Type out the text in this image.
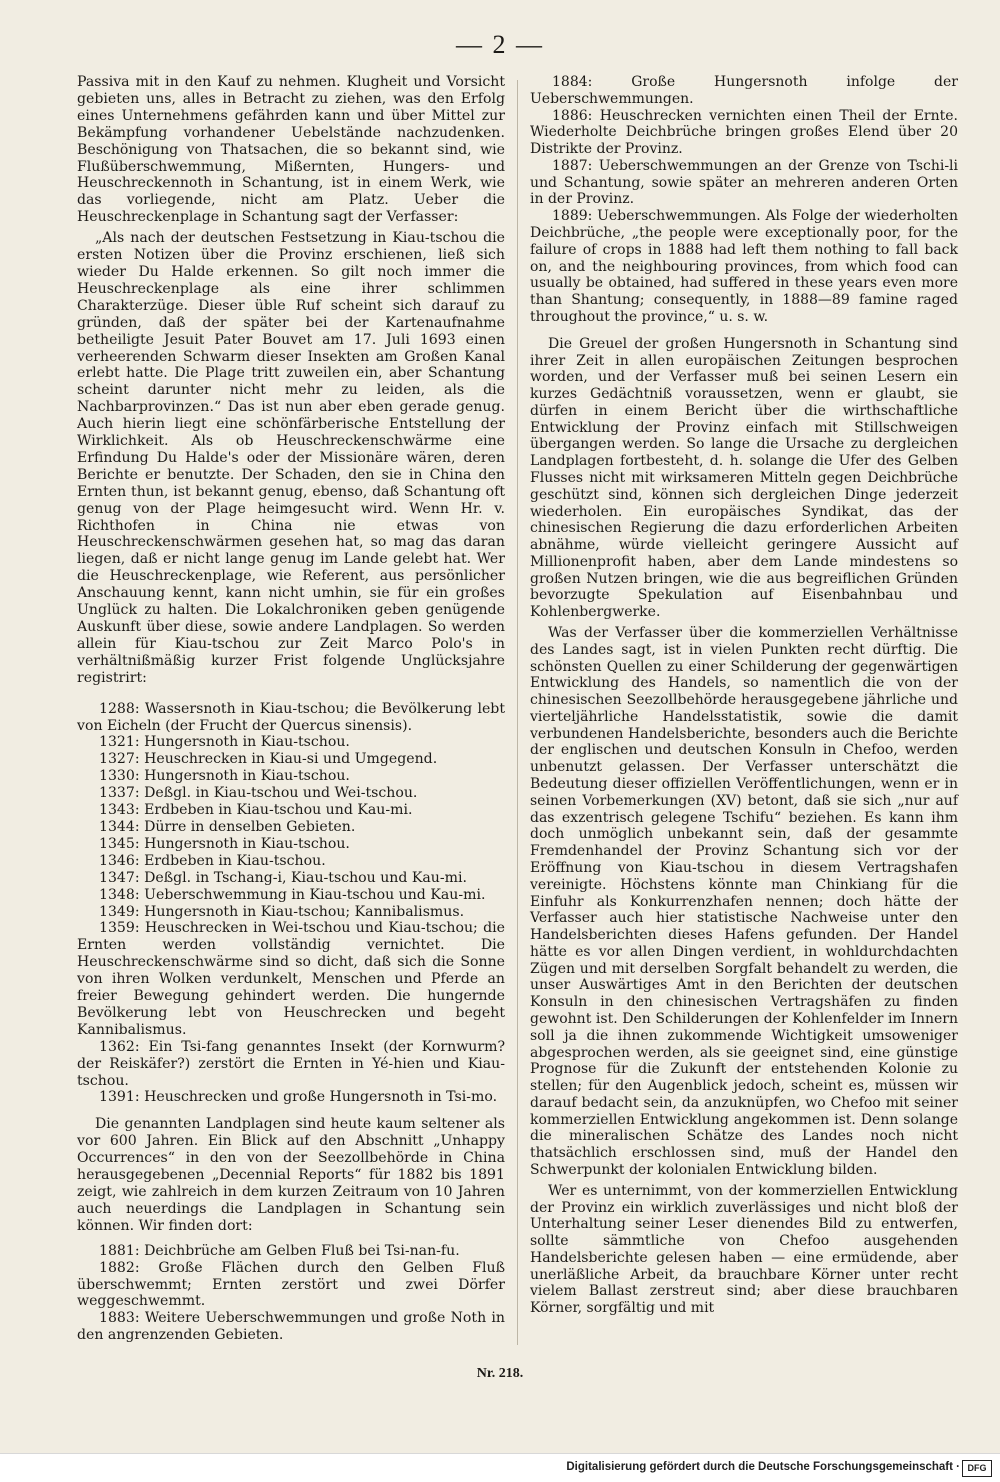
— 2 —

Passiva mit in den Kauf zu nehmen. Klugheit und Vorsicht gebieten uns, alles in Betracht zu ziehen, was den Erfolg eines Unternehmens gefährden kann und über Mittel zur Bekämpfung vorhandener Uebelstände nachzudenken. Beschönigung von Thatsachen, die so bekannt sind, wie Flußüberschwemmung, Mißernten, Hungers- und Heuschreckennoth in Schantung, ist in einem Werk, wie das vorliegende, nicht am Platz. Ueber die Heuschreckenplage in Schantung sagt der Verfasser:

„Als nach der deutschen Festsetzung in Kiau-tschou die ersten Notizen über die Provinz erschienen, ließ sich wieder Du Halde erkennen. So gilt noch immer die Heuschreckenplage als eine ihrer schlimmen Charakterzüge. Dieser üble Ruf scheint sich darauf zu gründen, daß der später bei der Kartenaufnahme betheiligte Jesuit Pater Bouvet am 17. Juli 1693 einen verheerenden Schwarm dieser Insekten am Großen Kanal erlebt hatte. Die Plage tritt zuweilen ein, aber Schantung scheint darunter nicht mehr zu leiden, als die Nachbarprovinzen.“ Das ist nun aber eben gerade genug. Auch hierin liegt eine schönfärberische Entstellung der Wirklichkeit. Als ob Heuschreckenschwärme eine Erfindung Du Halde's oder der Missionäre wären, deren Berichte er benutzte. Der Schaden, den sie in China den Ernten thun, ist bekannt genug, ebenso, daß Schantung oft genug von der Plage heimgesucht wird. Wenn Hr. v. Richthofen in China nie etwas von Heuschreckenschwärmen gesehen hat, so mag das daran liegen, daß er nicht lange genug im Lande gelebt hat. Wer die Heuschreckenplage, wie Referent, aus persönlicher Anschauung kennt, kann nicht umhin, sie für ein großes Unglück zu halten. Die Lokalchroniken geben genügende Auskunft über diese, sowie andere Landplagen. So werden allein für Kiau-tschou zur Zeit Marco Polo's in verhältnißmäßig kurzer Frist folgende Unglücksjahre registrirt:

1288: Wassersnoth in Kiau-tschou; die Bevölkerung lebt von Eicheln (der Frucht der Quercus sinensis).

1321: Hungersnoth in Kiau-tschou.

1327: Heuschrecken in Kiau-si und Umgegend.

1330: Hungersnoth in Kiau-tschou.

1337: Deßgl. in Kiau-tschou und Wei-tschou.

1343: Erdbeben in Kiau-tschou und Kau-mi.

1344: Dürre in denselben Gebieten.

1345: Hungersnoth in Kiau-tschou.

1346: Erdbeben in Kiau-tschou.

1347: Deßgl. in Tschang-i, Kiau-tschou und Kau-mi.

1348: Ueberschwemmung in Kiau-tschou und Kau-mi.

1349: Hungersnoth in Kiau-tschou; Kannibalismus.

1359: Heuschrecken in Wei-tschou und Kiau-tschou; die Ernten werden vollständig vernichtet. Die Heuschreckenschwärme sind so dicht, daß sich die Sonne von ihren Wolken verdunkelt, Menschen und Pferde an freier Bewegung gehindert werden. Die hungernde Bevölkerung lebt von Heuschrecken und begeht Kannibalismus.

1362: Ein Tsi-fang genanntes Insekt (der Kornwurm? der Reiskäfer?) zerstört die Ernten in Yé-hien und Kiau-tschou.

1391: Heuschrecken und große Hungersnoth in Tsi-mo.

Die genannten Landplagen sind heute kaum seltener als vor 600 Jahren. Ein Blick auf den Abschnitt „Unhappy Occurrences“ in den von der Seezollbehörde in China herausgegebenen „Decennial Reports“ für 1882 bis 1891 zeigt, wie zahlreich in dem kurzen Zeitraum von 10 Jahren auch neuerdings die Landplagen in Schantung sein können. Wir finden dort:

1881: Deichbrüche am Gelben Fluß bei Tsi-nan-fu.

1882: Große Flächen durch den Gelben Fluß überschwemmt; Ernten zerstört und zwei Dörfer weggeschwemmt.

1883: Weitere Ueberschwemmungen und große Noth in den angrenzenden Gebieten.

1884: Große Hungersnoth infolge der Ueberschwemmungen.

1886: Heuschrecken vernichten einen Theil der Ernte. Wiederholte Deichbrüche bringen großes Elend über 20 Distrikte der Provinz.

1887: Ueberschwemmungen an der Grenze von Tschi-li und Schantung, sowie später an mehreren anderen Orten in der Provinz.

1889: Ueberschwemmungen. Als Folge der wiederholten Deichbrüche, „the people were exceptionally poor, for the failure of crops in 1888 had left them nothing to fall back on, and the neighbouring provinces, from which food can usually be obtained, had suffered in these years even more than Shantung; consequently, in 1888—89 famine raged throughout the province,“ u. s. w.

Die Greuel der großen Hungersnoth in Schantung sind ihrer Zeit in allen europäischen Zeitungen besprochen worden, und der Verfasser muß bei seinen Lesern ein kurzes Gedächtniß voraussetzen, wenn er glaubt, sie dürfen in einem Bericht über die wirthschaftliche Entwicklung der Provinz einfach mit Stillschweigen übergangen werden. So lange die Ursache zu dergleichen Landplagen fortbesteht, d. h. solange die Ufer des Gelben Flusses nicht mit wirksameren Mitteln gegen Deichbrüche geschützt sind, können sich dergleichen Dinge jederzeit wiederholen. Ein europäisches Syndikat, das der chinesischen Regierung die dazu erforderlichen Arbeiten abnähme, würde vielleicht geringere Aussicht auf Millionenprofit haben, aber dem Lande mindestens so großen Nutzen bringen, wie die aus begreiflichen Gründen bevorzugte Spekulation auf Eisenbahnbau und Kohlenbergwerke.

Was der Verfasser über die kommerziellen Verhältnisse des Landes sagt, ist in vielen Punkten recht dürftig. Die schönsten Quellen zu einer Schilderung der gegenwärtigen Entwicklung des Handels, so namentlich die von der chinesischen Seezollbehörde herausgegebene jährliche und vierteljährliche Handelsstatistik, sowie die damit verbundenen Handelsberichte, besonders auch die Berichte der englischen und deutschen Konsuln in Chefoo, werden unbenutzt gelassen. Der Verfasser unterschätzt die Bedeutung dieser offiziellen Veröffentlichungen, wenn er in seinen Vorbemerkungen (XV) betont, daß sie sich „nur auf das exzentrisch gelegene Tschifu“ beziehen. Es kann ihm doch unmöglich unbekannt sein, daß der gesammte Fremdenhandel der Provinz Schantung sich vor der Eröffnung von Kiau-tschou in diesem Vertragshafen vereinigte. Höchstens könnte man Chinkiang für die Einfuhr als Konkurrenzhafen nennen; doch hätte der Verfasser auch hier statistische Nachweise unter den Handelsberichten dieses Hafens gefunden. Der Handel hätte es vor allen Dingen verdient, in wohldurchdachten Zügen und mit derselben Sorgfalt behandelt zu werden, die unser Auswärtiges Amt in den Berichten der deutschen Konsuln in den chinesischen Vertragshäfen zu finden gewohnt ist. Den Schilderungen der Kohlenfelder im Innern soll ja die ihnen zukommende Wichtigkeit umsoweniger abgesprochen werden, als sie geeignet sind, eine günstige Prognose für die Zukunft der entstehenden Kolonie zu stellen; für den Augenblick jedoch, scheint es, müssen wir darauf bedacht sein, da anzuknüpfen, wo Chefoo mit seiner kommerziellen Entwicklung angekommen ist. Denn solange die mineralischen Schätze des Landes noch nicht thatsächlich erschlossen sind, muß der Handel den Schwerpunkt der kolonialen Entwicklung bilden.

Wer es unternimmt, von der kommerziellen Entwicklung der Provinz ein wirklich zuverlässiges und nicht bloß der Unterhaltung seiner Leser dienendes Bild zu entwerfen, sollte sämmtliche von Chefoo ausgehenden Handelsberichte gelesen haben — eine ermüdende, aber unerläßliche Arbeit, da brauchbare Körner unter recht vielem Ballast zerstreut sind; aber diese brauchbaren Körner, sorgfältig und mit

Nr. 218.
Digitalisierung gefördert durch die Deutsche Forschungsgemeinschaft · DFG
